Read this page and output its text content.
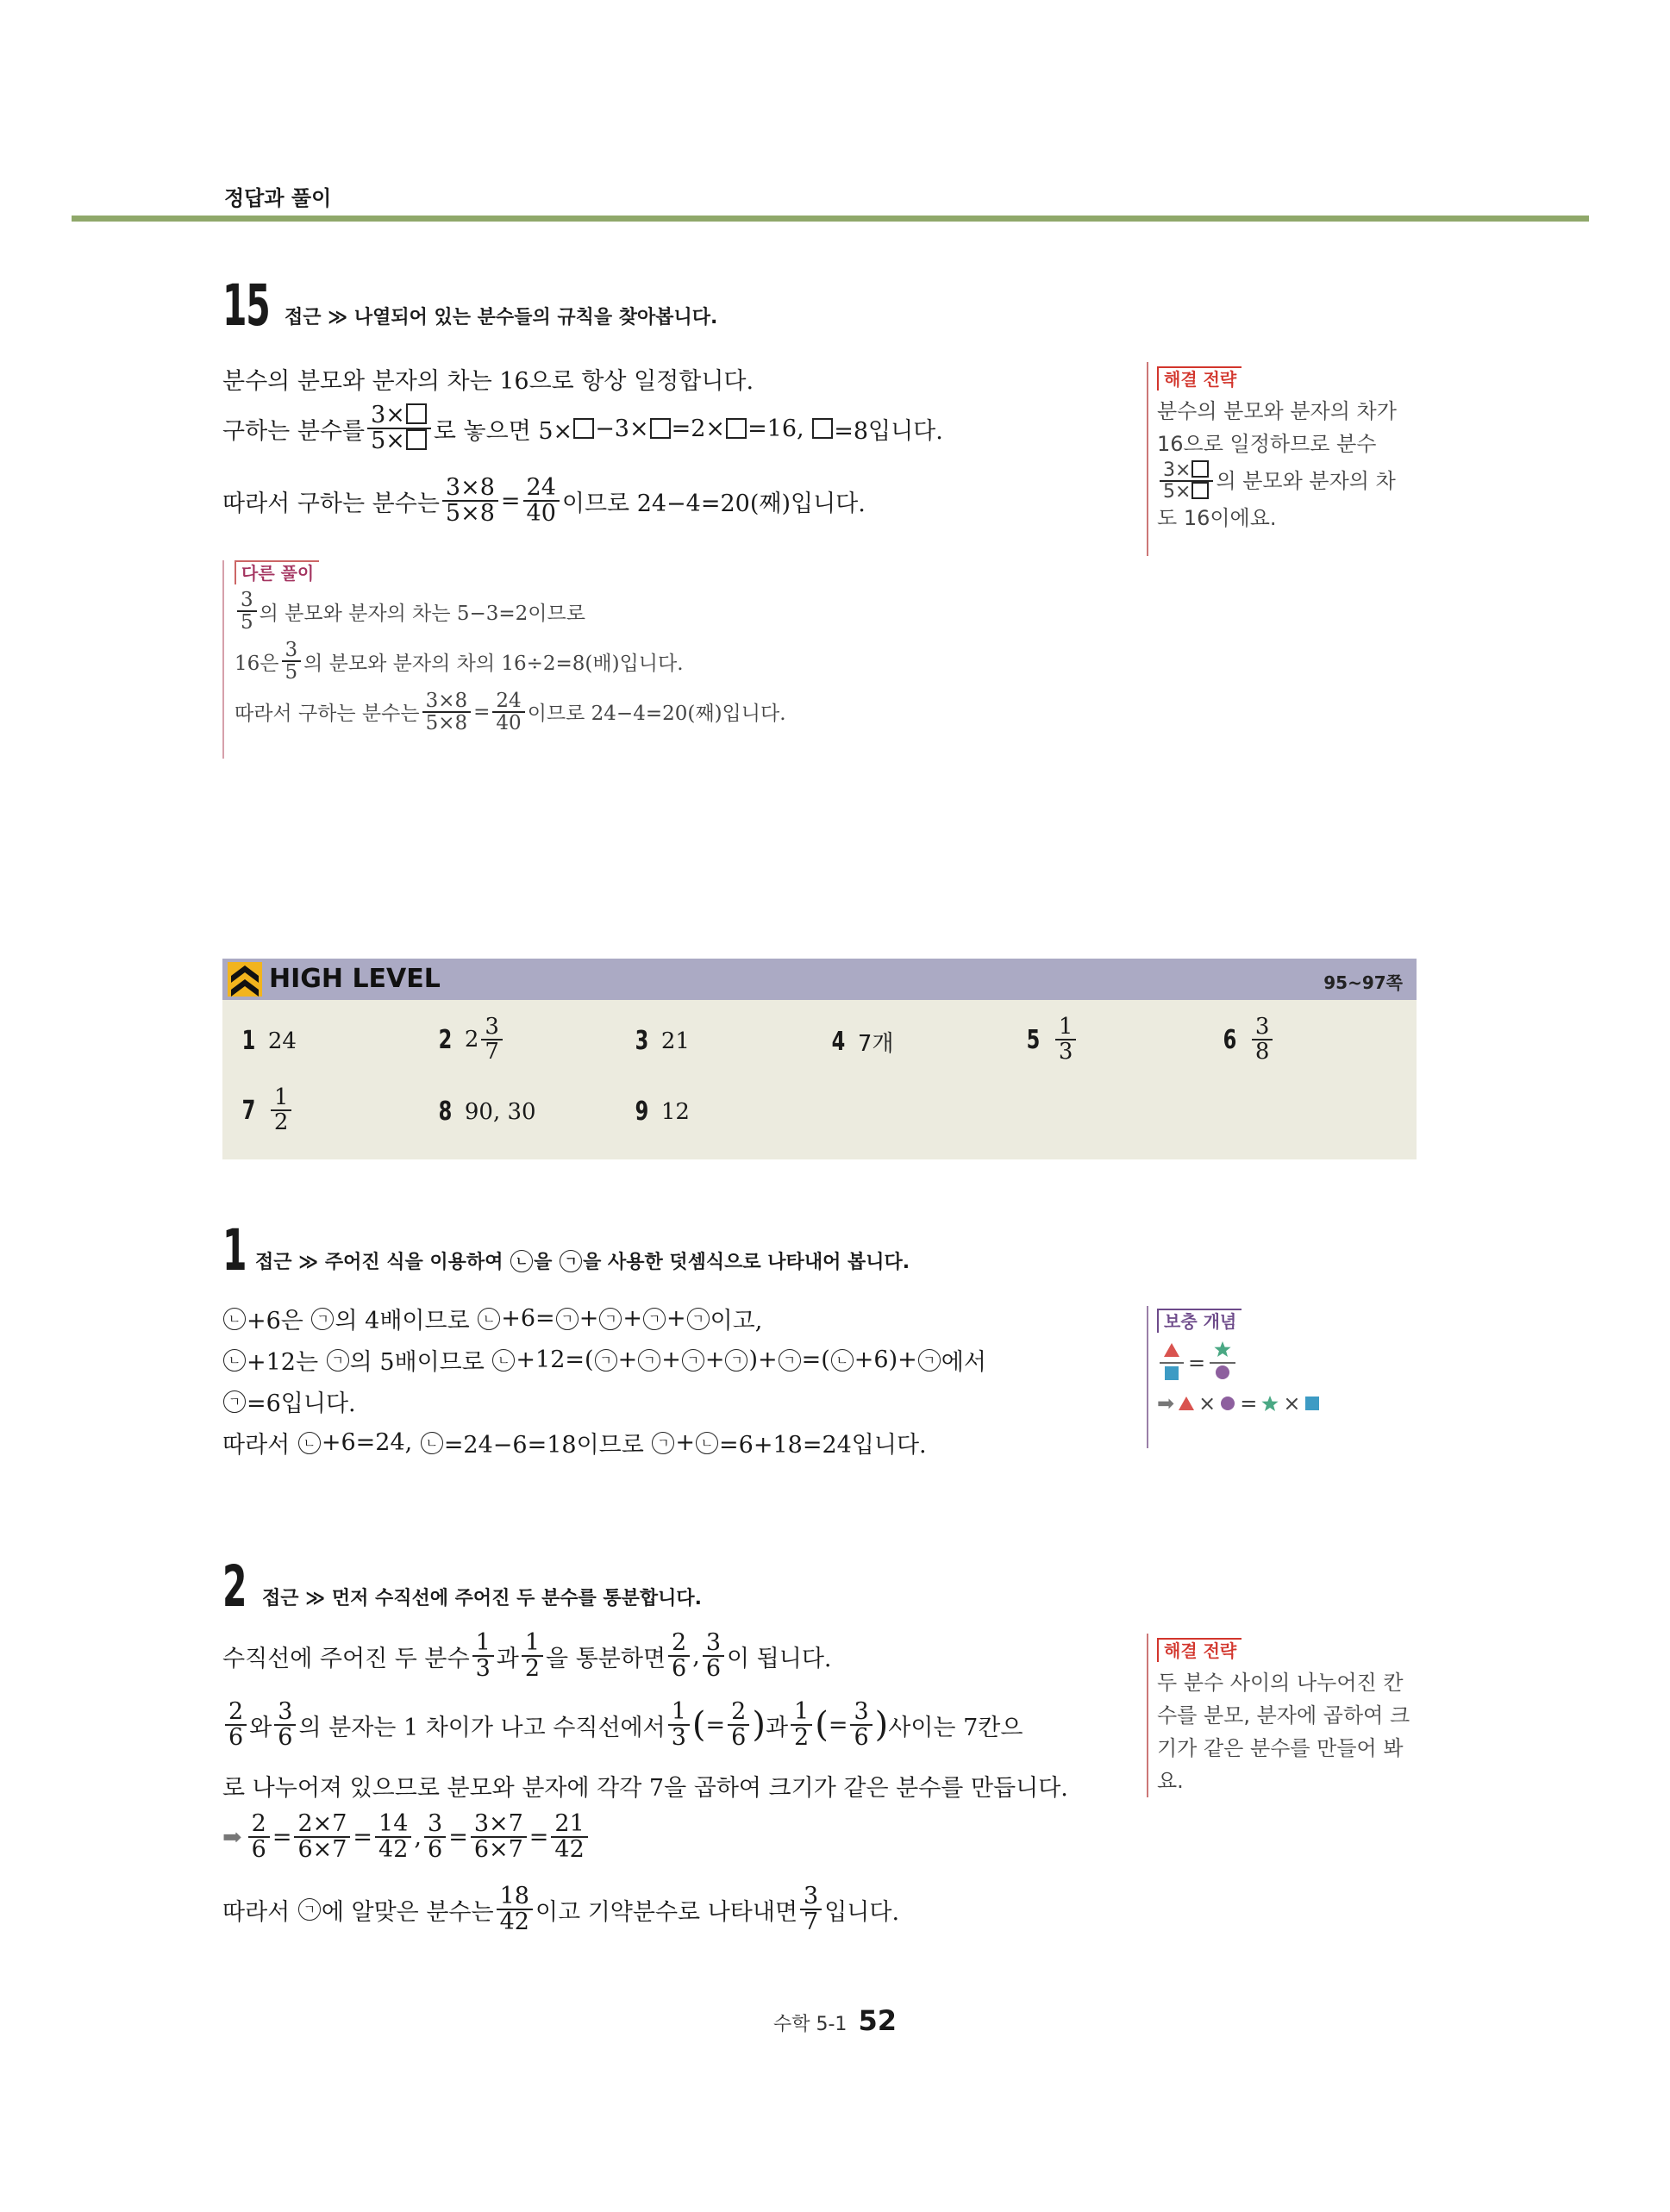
정답과 풀이
15 접근 ≫ 나열되어 있는 분수들의 규칙을 찾아봅니다.
분수의 분모와 분자의 차는 16으로 항상 일정합니다.
구하는 분수를 $\frac{3\times}{5\times}$ 로 놓으면 5× −3× =2× =16,
=8입니다.
따라서 구하는 분수는 $\frac{3\times 8}{5\times 8} = \frac{24}{40}$ 이므로 24−4=20(째)입니다.
해결 전략
분수의 분모와 분자의 차가
16으로 일정하므로 분수
$\frac{3\times}{5\times}$ 의 분모와 분자의 차
도 16이에요.
다른 풀이
$\frac{3}{5}$ 의 분모와 분자의 차는 5−3=2이므로
16은 $\frac{3}{5}$ 의 분모와 분자의 차의 16÷2=8(배)입니다.
따라서 구하는 분수는 $\frac{3\times 8}{5\times 8} = \frac{24}{40}$ 이므로 24−4=20(째)입니다.
HIGH LEVEL	95~97쪽
1 24	2 $2 \frac{3}{7}$	3 21	4 7개	$5 \frac{1}{3}$	$6 \frac{3}{8}$
$7 \frac{1}{2}$	8 90, 30	9 12
1 접근 ≫ 주어진 식을 이용하여
ㄴ 을
ㄱ 을 사용한 덧셈식으로 나타내어 봅니다.
ㄴ +6은
	ㄱ 의 4배이므로
	ㄴ +6= ㄱ + ㄱ + ㄱ + ㄱ 이고,
ㄴ +12는
	ㄱ 의 5배이므로
	ㄴ +12=( ㄱ + ㄱ + ㄱ + ㄱ )+ ㄱ =( ㄴ +6)+ ㄱ 에서
ㄱ =6입니다.
따라서
	ㄴ +6=24,
	ㄴ =24−6=18이므로
	ㄱ + ㄴ =6+18=24입니다.
보충 개념
=
➡ × = ×
2 접근 ≫ 먼저 수직선에 주어진 두 분수를 통분합니다.
수직선에 주어진 두 분수 $\frac{1}{3}$ 과 $\frac{1}{2}$ 을 통분하면 $\frac{2}{6}$ , $\frac{3}{6}$ 이 됩니다.
$\frac{2}{6}$ 와 $\frac{3}{6}$ 의 분자는 1 차이가 나고 수직선에서 $\frac{1}{3}$ ( = $\frac{2}{6}$ ) 과 $\frac{1}{2}$ ( = $\frac{3}{6}$ ) 사이는 7칸으
로 나누어져 있으므로 분모와 분자에 각각 7을 곱하여 크기가 같은 분수를 만듭니다.
➡ $\frac{2}{6} = \frac{2\times 7}{6\times 7} = \frac{14}{42}$ , $\frac{3}{6} = \frac{3\times 7}{6\times 7} = \frac{21}{42}$
따라서
	ㄱ 에 알맞은 분수는 $\frac{18}{42}$ 이고 기약분수로 나타내면 $\frac{3}{7}$ 입니다.
해결 전략
두 분수 사이의 나누어진 칸
수를 분모, 분자에 곱하여 크
기가 같은 분수를 만들어 봐
요.
수학 5-1 52
